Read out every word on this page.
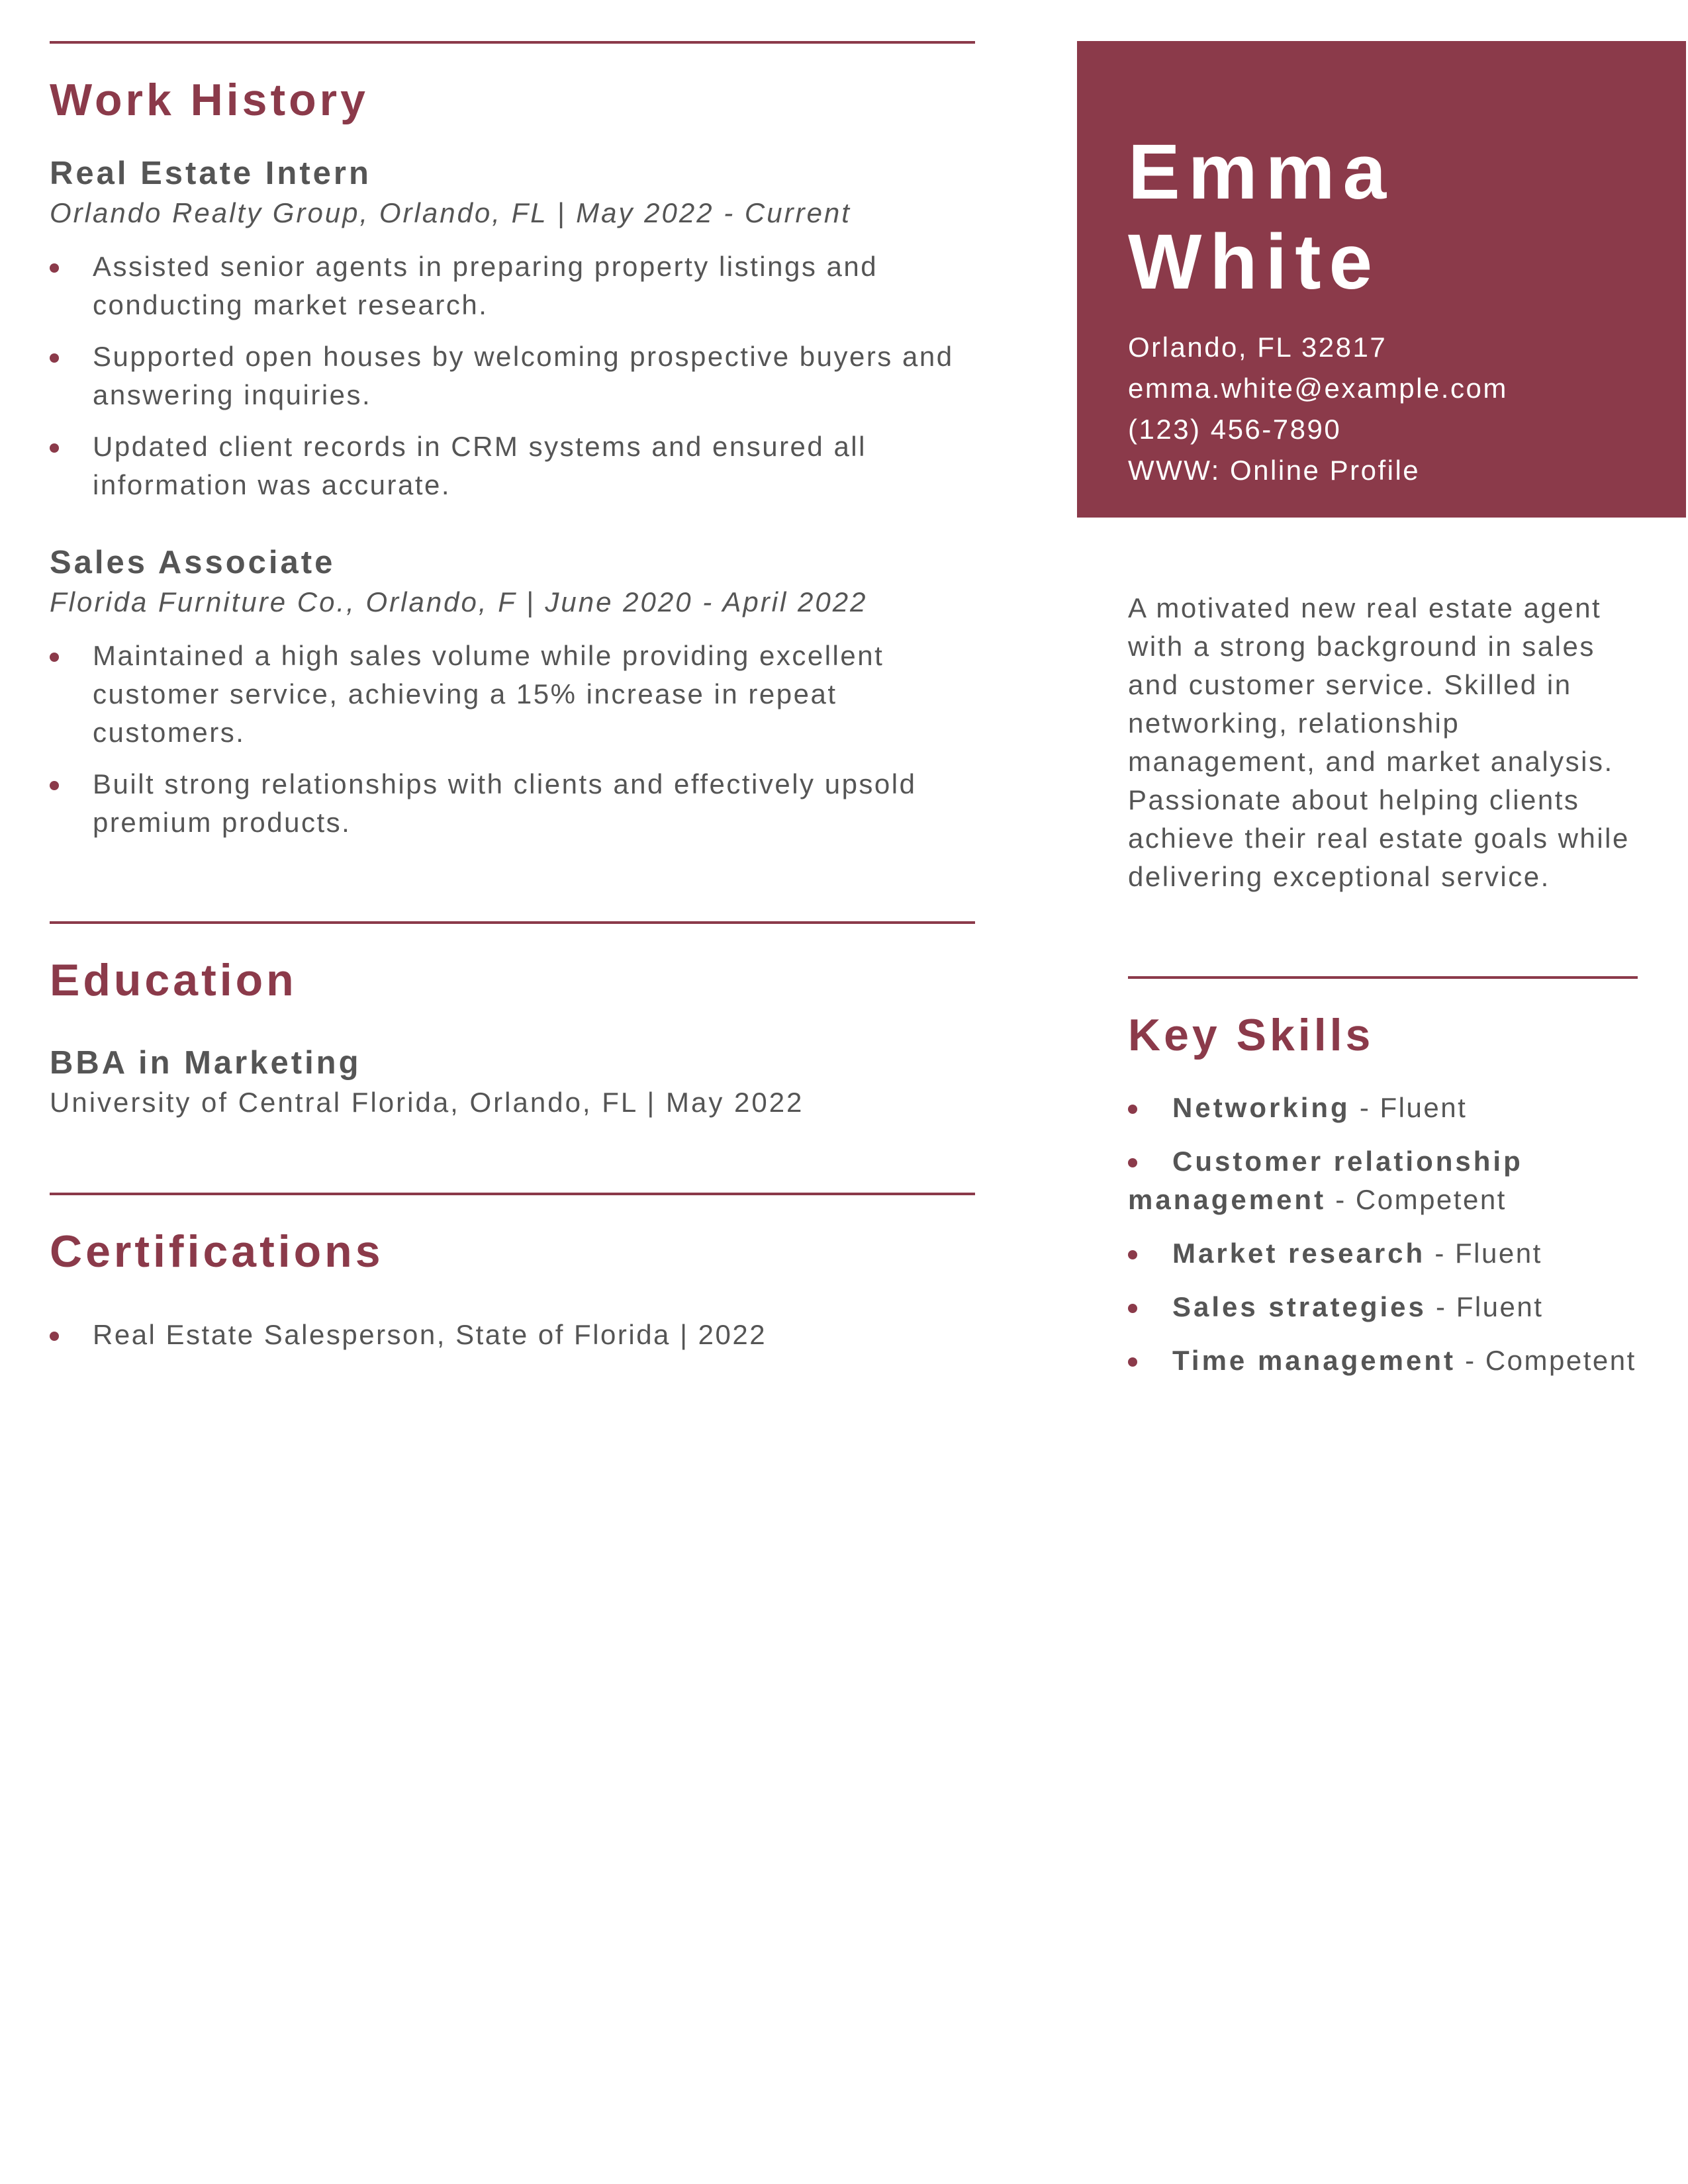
Work History
Real Estate Intern

Orlando Realty Group, Orlando, FL | May 2022 - Current

Assisted senior agents in preparing property listings and conducting market research.
Supported open houses by welcoming prospective buyers and answering inquiries.
Updated client records in CRM systems and ensured all information was accurate.
Sales Associate

Florida Furniture Co., Orlando, F | June 2020 - April 2022

Maintained a high sales volume while providing excellent customer service, achieving a 15% increase in repeat customers.
Built strong relationships with clients and effectively upsold premium products.
Education
BBA in Marketing

University of Central Florida, Orlando, FL | May 2022

Certifications
Real Estate Salesperson, State of Florida | 2022
Emma
White
Orlando, FL 32817
emma.white@example.com
(123) 456-7890
WWW: Online Profile

A motivated new real estate agent with a strong background in sales and customer service. Skilled in networking, relationship management, and market analysis. Passionate about helping clients achieve their real estate goals while delivering exceptional service.

Key Skills
Networking - Fluent
Customer relationship management - Competent
Market research - Fluent
Sales strategies - Fluent
Time management - Competent
